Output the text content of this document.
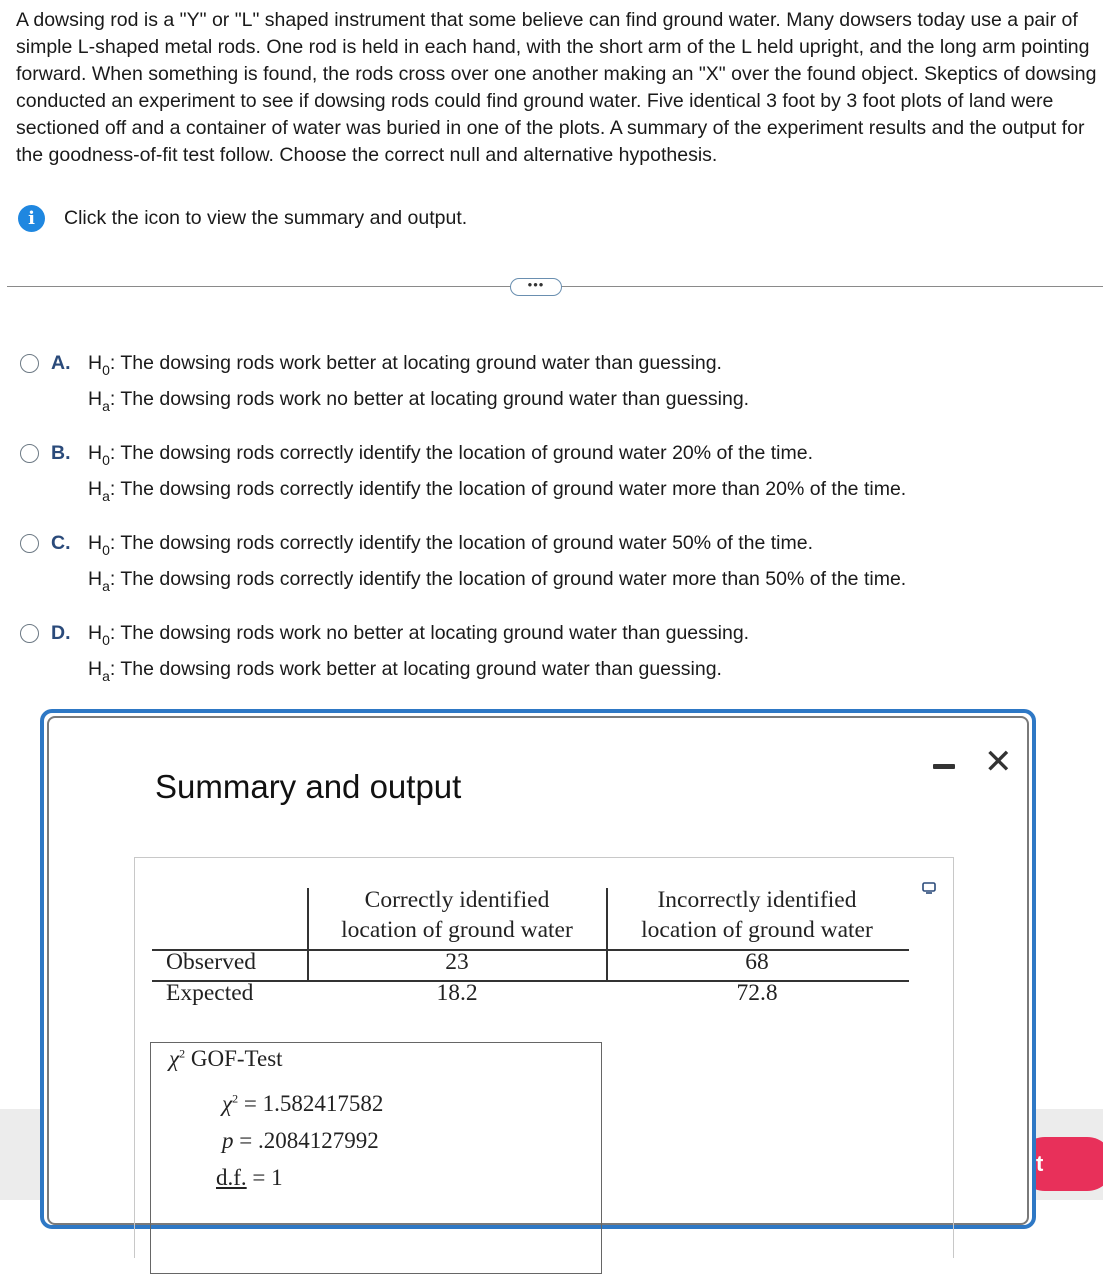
A dowsing rod is a "Y" or "L" shaped instrument that some believe can find ground water. Many dowsers today use a pair of simple L-shaped metal rods. One rod is held in each hand, with the short arm of the L held upright, and the long arm pointing forward. When something is found, the rods cross over one another making an "X" over the found object. Skeptics of dowsing conducted an experiment to see if dowsing rods could find ground water. Five identical 3 foot by 3 foot plots of land were sectioned off and a container of water was buried in one of the plots. A summary of the experiment results and the output for the goodness-of-fit test follow. Choose the correct null and alternative hypothesis.

i	Click the icon to view the summary and output.
•••
A. $H_0$: The dowsing rods work better at locating ground water than guessing.
$H_a$: The dowsing rods work no better at locating ground water than guessing.
B. $H_0$: The dowsing rods correctly identify the location of ground water 20% of the time.
$H_a$: The dowsing rods correctly identify the location of ground water more than 20% of the time.
C. $H_0$: The dowsing rods correctly identify the location of ground water 50% of the time.
$H_a$: The dowsing rods correctly identify the location of ground water more than 50% of the time.
D. $H_0$: The dowsing rods work no better at locating ground water than guessing.
$H_a$: The dowsing rods work better at locating ground water than guessing.
t
Summary and output
✕
Correctly identified
location of ground water
Incorrectly identified
location of ground water
Observed	23	68
Expected	18.2	72.8
$\chi^2$ GOF-Test
$\chi^2 = 1.582417582$
p = .2084127992
d.f. = 1
